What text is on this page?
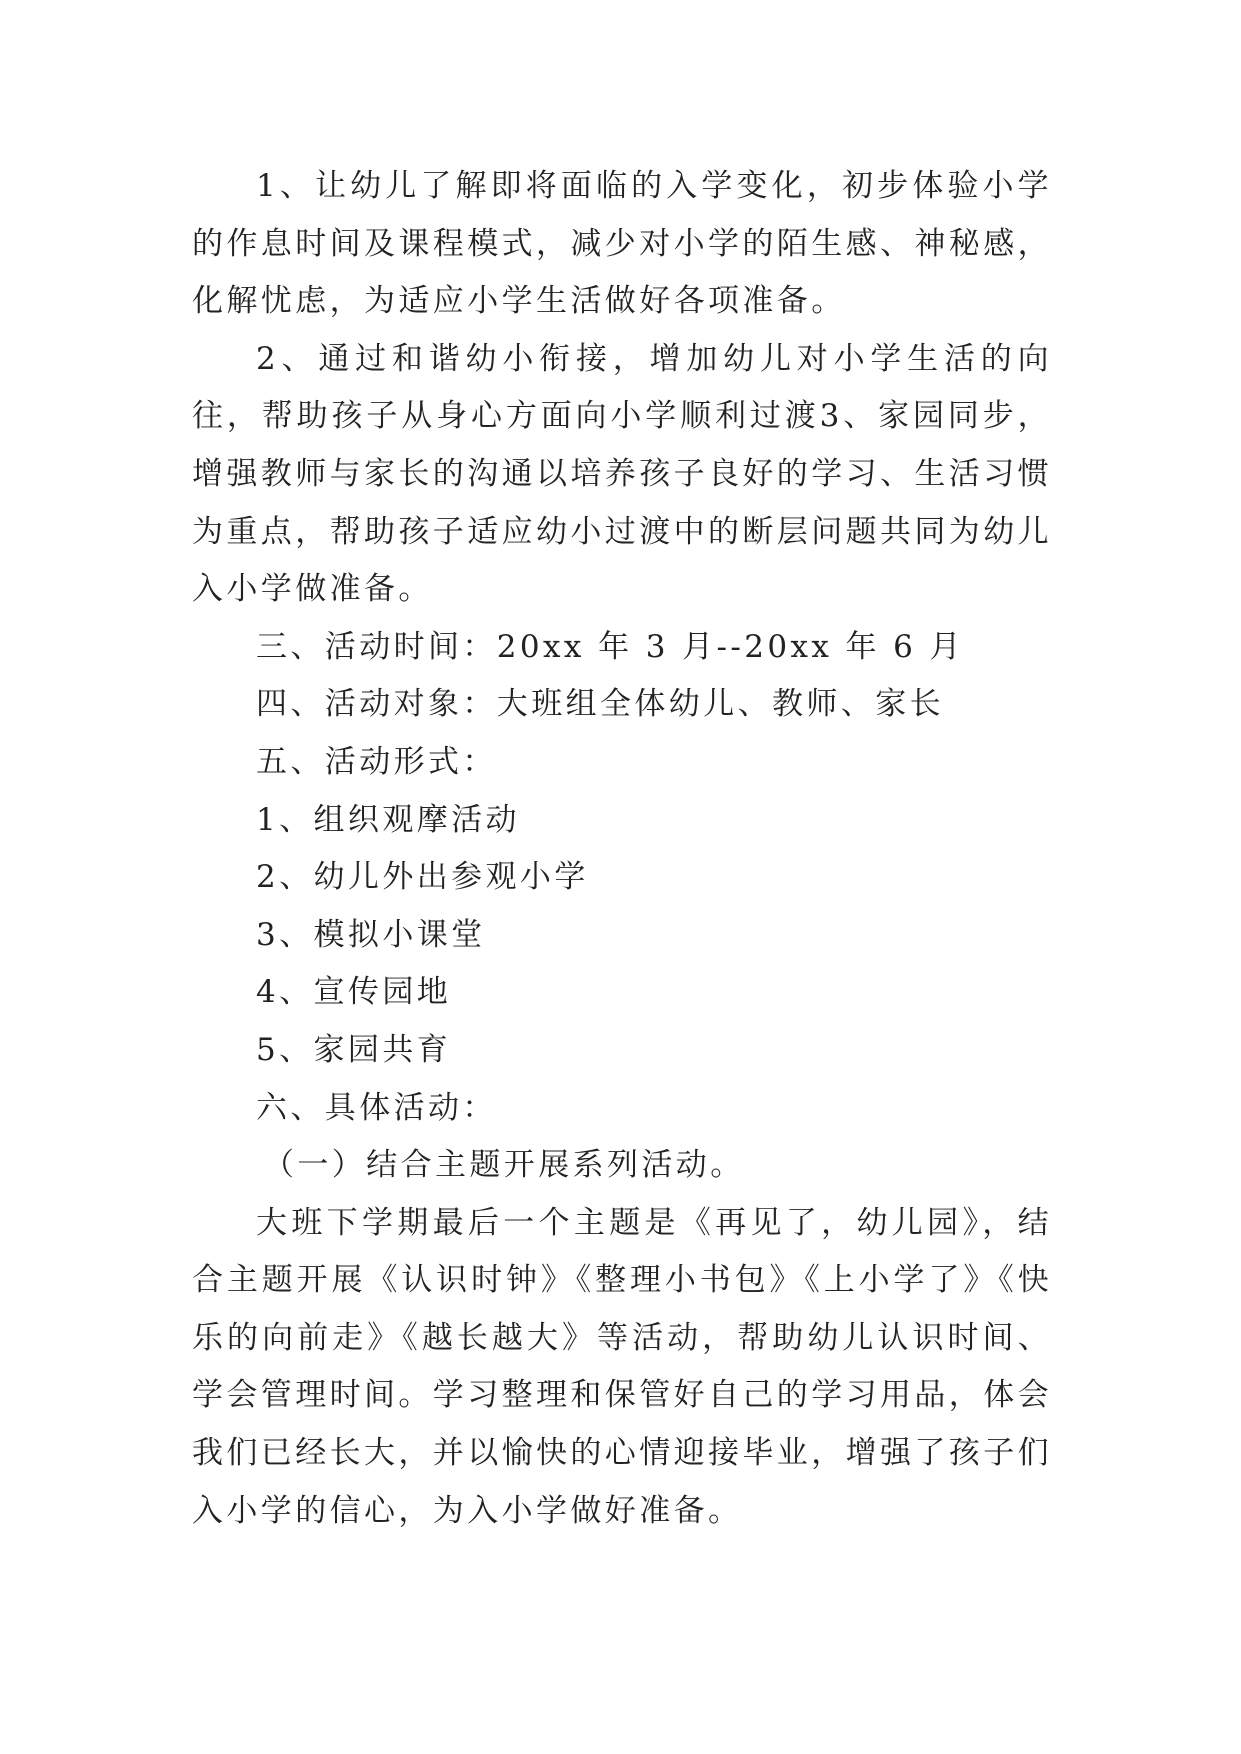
1、让幼儿了解即将面临的入学变化，初步体验小学的作息时间及课程模式，减少对小学的陌生感、神秘感，化解忧虑，为适应小学生活做好各项准备。

2、通过和谐幼小衔接，增加幼儿对小学生活的向往，帮助孩子从身心方面向小学顺利过渡3、家园同步，增强教师与家长的沟通以培养孩子良好的学习、生活习惯为重点，帮助孩子适应幼小过渡中的断层问题共同为幼儿入小学做准备。

三、活动时间：20xx 年 3 月--20xx 年 6 月

四、活动对象：大班组全体幼儿、教师、家长

五、活动形式：

1、组织观摩活动

2、幼儿外出参观小学

3、模拟小课堂

4、宣传园地

5、家园共育

六、具体活动：

（一）结合主题开展系列活动。

大班下学期最后一个主题是《再见了，幼儿园》，结合主题开展《认识时钟》《整理小书包》《上小学了》《快乐的向前走》《越长越大》等活动，帮助幼儿认识时间、学会管理时间。学习整理和保管好自己的学习用品，体会我们已经长大，并以愉快的心情迎接毕业，增强了孩子们入小学的信心，为入小学做好准备。
